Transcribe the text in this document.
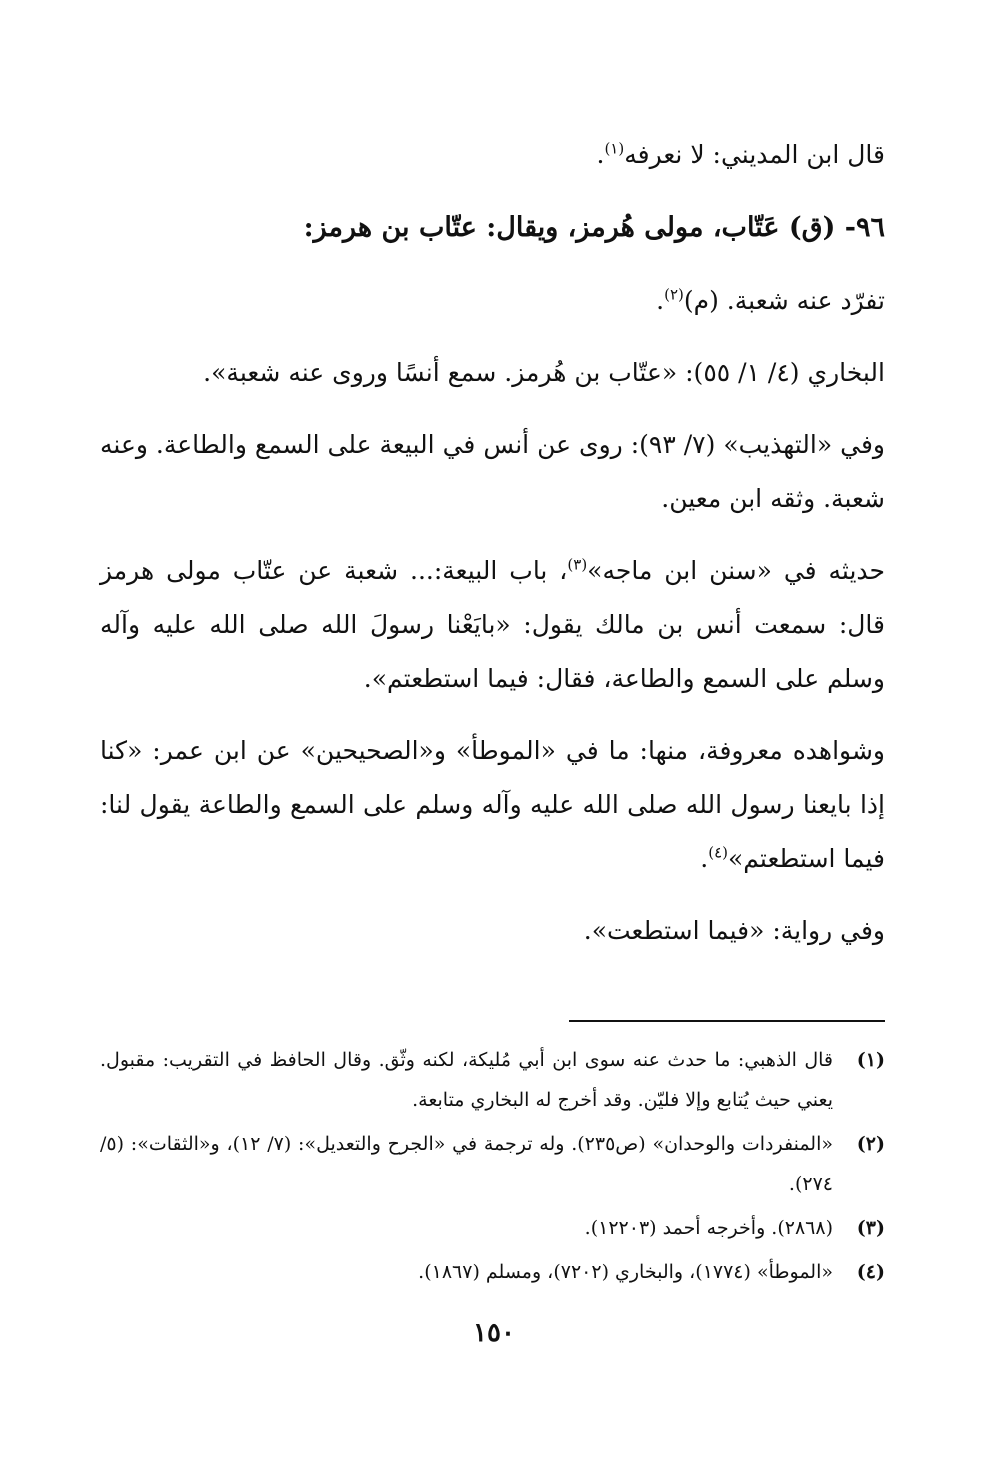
قال ابن المديني: لا نعرفه$^{(١)}$.

٩٦- (ق) عَتّاب، مولى هُرمز، ويقال: عتّاب بن هرمز:

تفرّد عنه شعبة. (م)$^{(٢)}$.

البخاري (٤/ ١/ ٥٥): «عتّاب بن هُرمز. سمع أنسًا وروى عنه شعبة».

وفي «التهذيب» (٧/ ٩٣): روى عن أنس في البيعة على السمع والطاعة. وعنه شعبة. وثقه ابن معين.

حديثه في «سنن ابن ماجه»$^{(٣)}$، باب البيعة:... شعبة عن عتّاب مولى هرمز قال: سمعت أنس بن مالك يقول: «بايَعْنا رسولَ الله صلى الله عليه وآله وسلم على السمع والطاعة، فقال: فيما استطعتم».

وشواهده معروفة، منها: ما في «الموطأ» و«الصحيحين» عن ابن عمر: «كنا إذا بايعنا رسول الله صلى الله عليه وآله وسلم على السمع والطاعة يقول لنا: فيما استطعتم»$^{(٤)}$.

وفي رواية: «فيما استطعت».

(١)
قال الذهبي: ما حدث عنه سوى ابن أبي مُليكة، لكنه وثّق. وقال الحافظ في التقريب: مقبول. يعني حيث يُتابع وإلا فليّن. وقد أخرج له البخاري متابعة.
(٢)
«المنفردات والوحدان» (ص٢٣٥). وله ترجمة في «الجرح والتعديل»: (٧/ ١٢)، و«الثقات»: (٥/ ٢٧٤).
(٣)
(٢٨٦٨). وأخرجه أحمد (١٢٢٠٣).
(٤)
«الموطأ» (١٧٧٤)، والبخاري (٧٢٠٢)، ومسلم (١٨٦٧).
١٥٠
